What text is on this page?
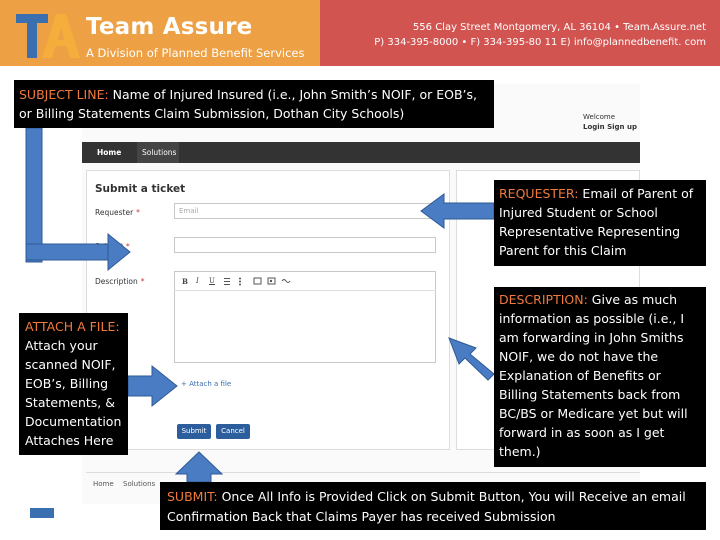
Team Assure
A Division of Planned Benefit Services
556 Clay Street Montgomery, AL 36104 • Team.Assure.net
P) 334-395-8000 • F) 334-395-80 11 E) info@plannedbenefit. com
Welcome
Login Sign up
Home	Solutions
Submit a ticket
Requester *	Email
*
Description *	B I U
+ Attach a file
Submit	Cancel
Home Solutions
SUBJECT LINE: Name of Injured Insured (i.e., John Smith’s NOIF, or EOB’s, or Billing Statements Claim Submission, Dothan City Schools)
REQUESTER: Email of Parent of Injured Student or School Representative Representing Parent for this Claim
ATTACH A FILE: Attach your scanned NOIF, EOB’s, Billing Statements, & Documentation Attaches Here
DESCRIPTION: Give as much information as possible (i.e., I am forwarding in John Smiths NOIF, we do not have the Explanation of Benefits or Billing Statements back from BC/BS or Medicare yet but will forward in as soon as I get them.)
SUBMIT: Once All Info is Provided Click on Submit Button, You will Receive an email Confirmation Back that Claims Payer has received Submission
